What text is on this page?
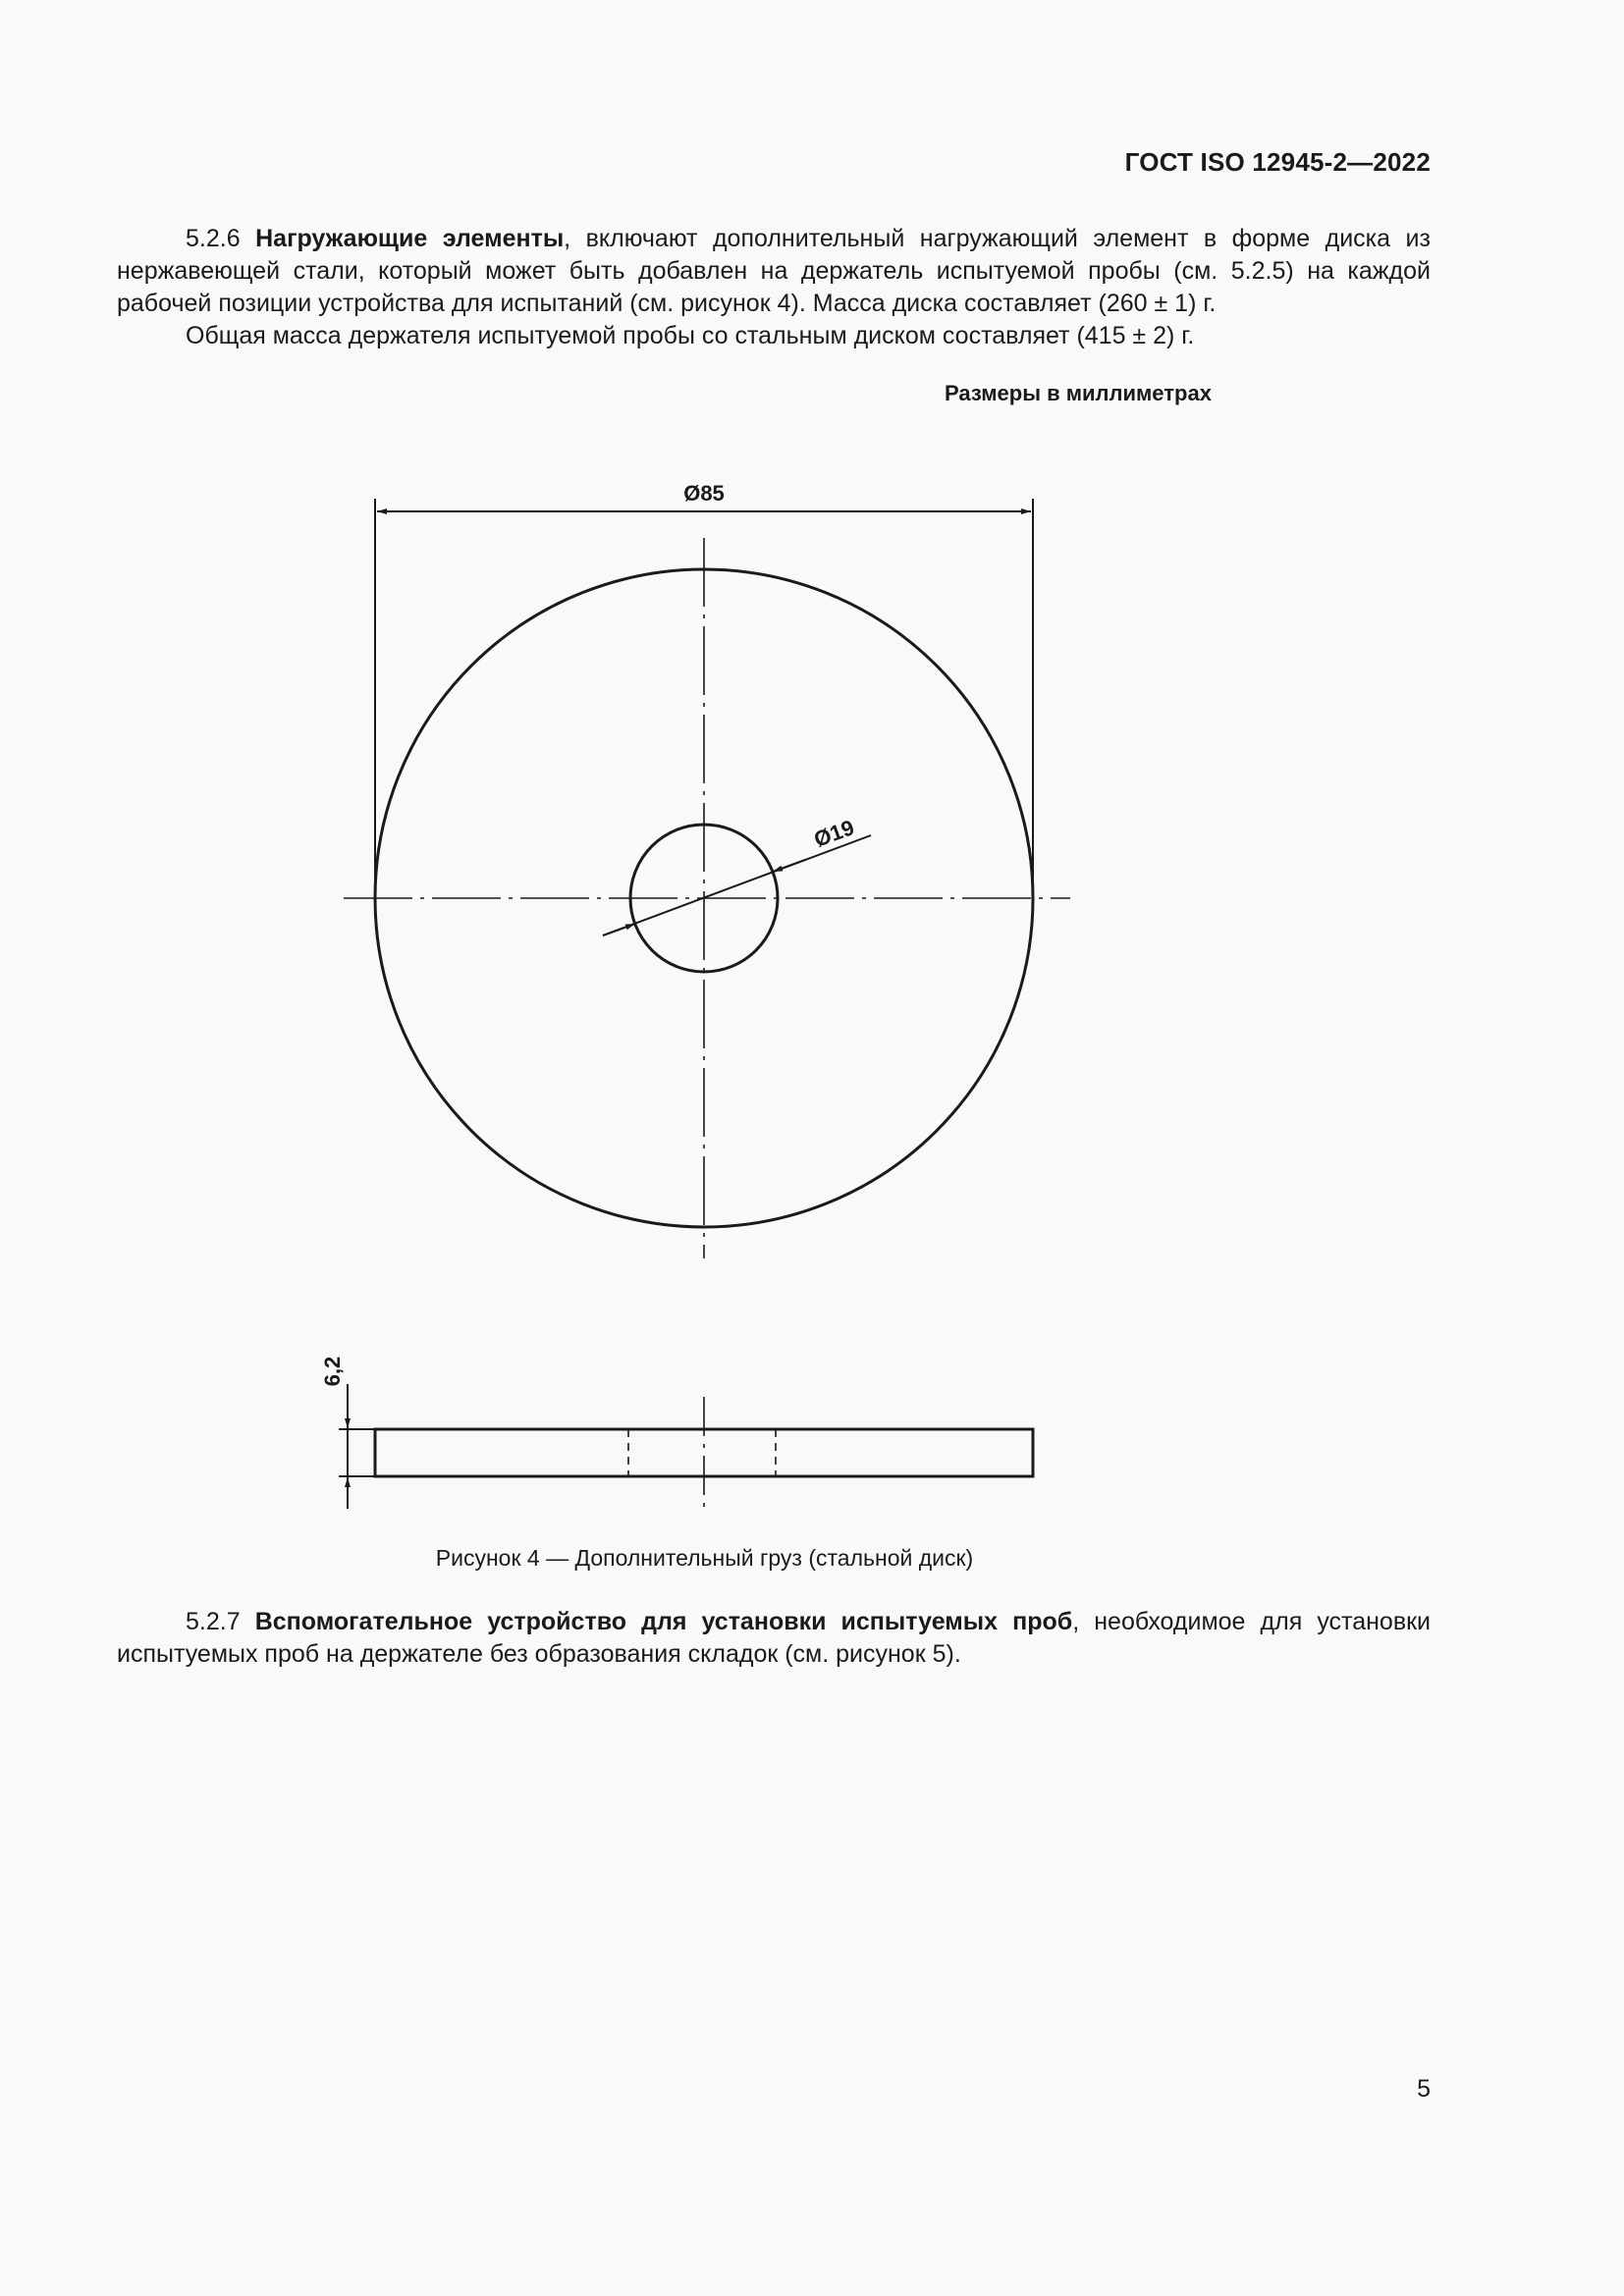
ГОСТ ISO 12945-2—2022

5.2.6 Нагружающие элементы, включают дополнительный нагружающий элемент в форме диска из нержавеющей стали, который может быть добавлен на держатель испытуемой пробы (см. 5.2.5) на каждой рабочей позиции устройства для испытаний (см. рисунок 4). Масса диска составляет (260 ± 1) г.

Общая масса держателя испытуемой пробы со стальным диском составляет (415 ± 2) г.

Размеры в миллиметрах
Ø85
Ø19
6,2
Рисунок 4 — Дополнительный груз (стальной диск)

5.2.7 Вспомогательное устройство для установки испытуемых проб, необходимое для установки испытуемых проб на держателе без образования складок (см. рисунок 5).

5
